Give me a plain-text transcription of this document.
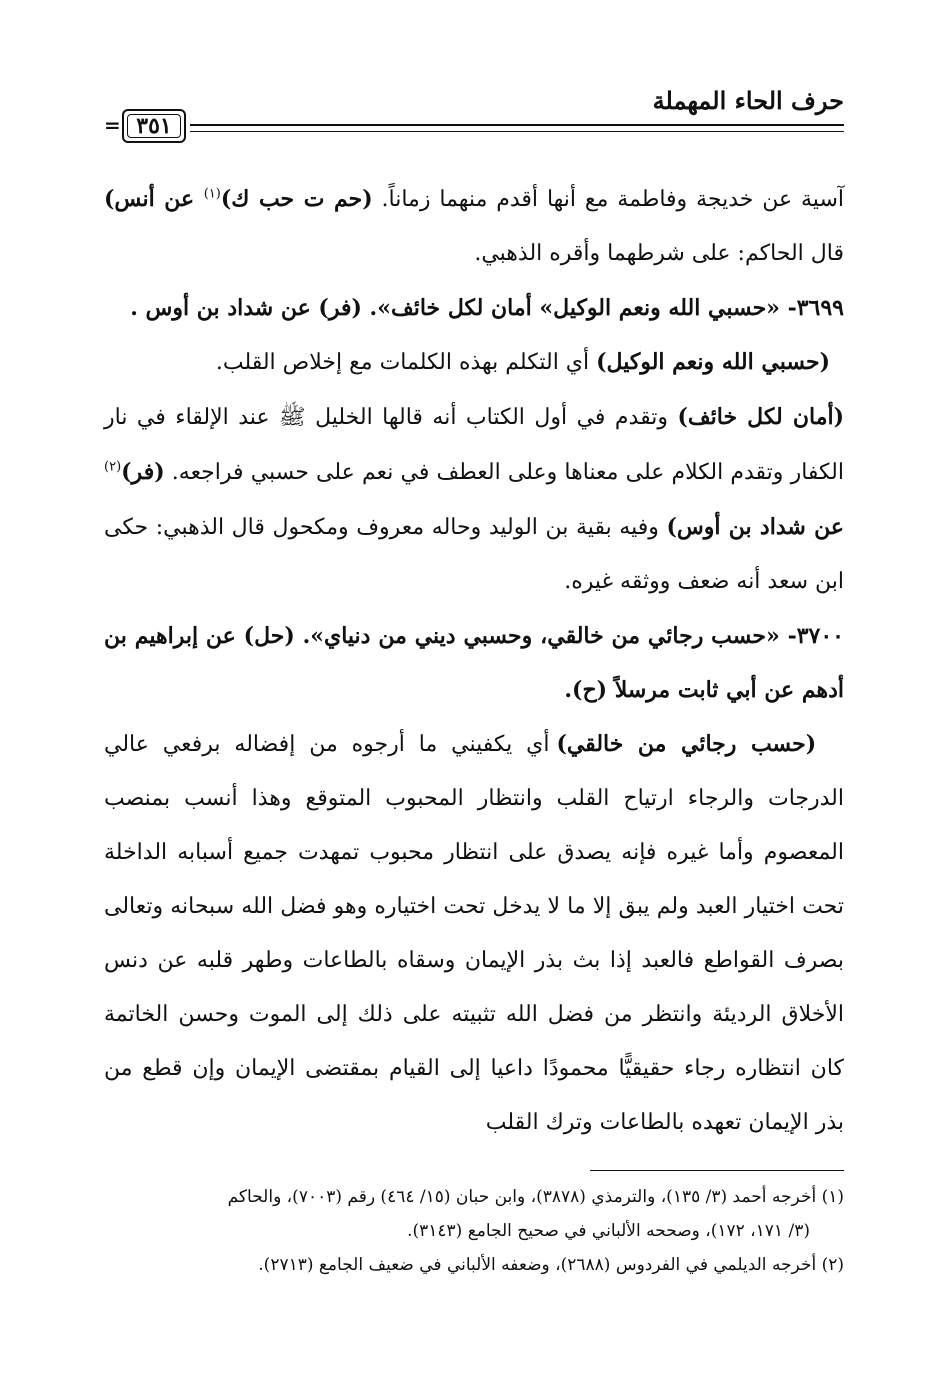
حرف الحاء المهملة
٣٥١
=

آسية عن خديجة وفاطمة مع أنها أقدم منهما زماناً. (حم ت حب ك)$^{(١)}$ عن أنس) قال الحاكم: على شرطهما وأقره الذهبي.

٣٦٩٩- «حسبي الله ونعم الوكيل» أمان لكل خائف». (فر) عن شداد بن أوس .

(حسبي الله ونعم الوكيل) أي التكلم بهذه الكلمات مع إخلاص القلب.

(أمان لكل خائف) وتقدم في أول الكتاب أنه قالها الخليل ﷺ عند الإلقاء في نار الكفار وتقدم الكلام على معناها وعلى العطف في نعم على حسبي فراجعه. (فر)$^{(٢)}$ عن شداد بن أوس) وفيه بقية بن الوليد وحاله معروف ومكحول قال الذهبي: حكى ابن سعد أنه ضعف ووثقه غيره.

٣٧٠٠- «حسب رجائي من خالقي، وحسبي ديني من دنياي». (حل) عن إبراهيم بن أدهم عن أبي ثابت مرسلاً (ح).

(حسب رجائي من خالقي) أي يكفيني ما أرجوه من إفضاله برفعي عالي الدرجات والرجاء ارتياح القلب وانتظار المحبوب المتوقع وهذا أنسب بمنصب المعصوم وأما غيره فإنه يصدق على انتظار محبوب تمهدت جميع أسبابه الداخلة تحت اختيار العبد ولم يبق إلا ما لا يدخل تحت اختياره وهو فضل الله سبحانه وتعالى بصرف القواطع فالعبد إذا بث بذر الإيمان وسقاه بالطاعات وطهر قلبه عن دنس الأخلاق الرديئة وانتظر من فضل الله تثبيته على ذلك إلى الموت وحسن الخاتمة كان انتظاره رجاء حقيقيًّا محمودًا داعيا إلى القيام بمقتضى الإيمان وإن قطع من بذر الإيمان تعهده بالطاعات وترك القلب

(١) أخرجه أحمد (٣/ ١٣٥)، والترمذي (٣٨٧٨)، وابن حبان (١٥/ ٤٦٤) رقم (٧٠٠٣)، والحاكم

(٣/ ١٧١، ١٧٢)، وصححه الألباني في صحيح الجامع (٣١٤٣).

(٢) أخرجه الديلمي في الفردوس (٢٦٨٨)، وضعفه الألباني في ضعيف الجامع (٢٧١٣).
